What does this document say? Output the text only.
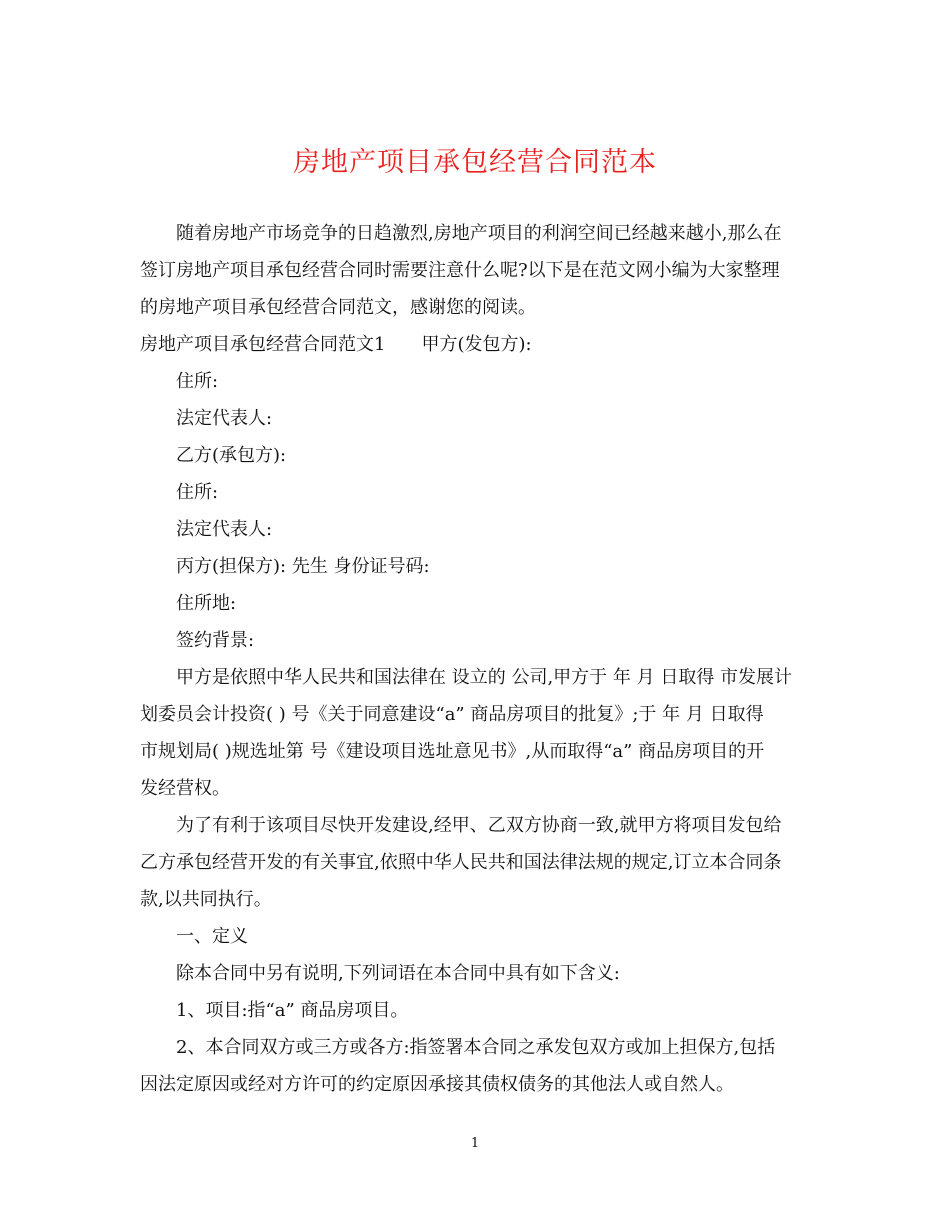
房地产项目承包经营合同范本
随着房地产市场竞争的日趋激烈,房地产项目的利润空间已经越来越小,那么在
签订房地产项目承包经营合同时需要注意什么呢?以下是在范文网小编为大家整理
的房地产项目承包经营合同范文，感谢您的阅读。
房地产项目承包经营合同范文1 甲方(发包方):
住所:
法定代表人:
乙方(承包方):
住所:
法定代表人:
丙方(担保方): 先生 身份证号码:
住所地:
签约背景:
甲方是依照中华人民共和国法律在 设立的 公司,甲方于 年 月 日取得 市发展计
划委员会计投资( ) 号《关于同意建设“a” 商品房项目的批复》;于 年 月 日取得
市规划局( )规选址第 号《建设项目选址意见书》,从而取得“a” 商品房项目的开
发经营权。
为了有利于该项目尽快开发建设,经甲、乙双方协商一致,就甲方将项目发包给
乙方承包经营开发的有关事宜,依照中华人民共和国法律法规的规定,订立本合同条
款,以共同执行。
一、定义
除本合同中另有说明,下列词语在本合同中具有如下含义:
1、项目:指“a” 商品房项目。
2、本合同双方或三方或各方:指签署本合同之承发包双方或加上担保方,包括
因法定原因或经对方许可的约定原因承接其债权债务的其他法人或自然人。
1
